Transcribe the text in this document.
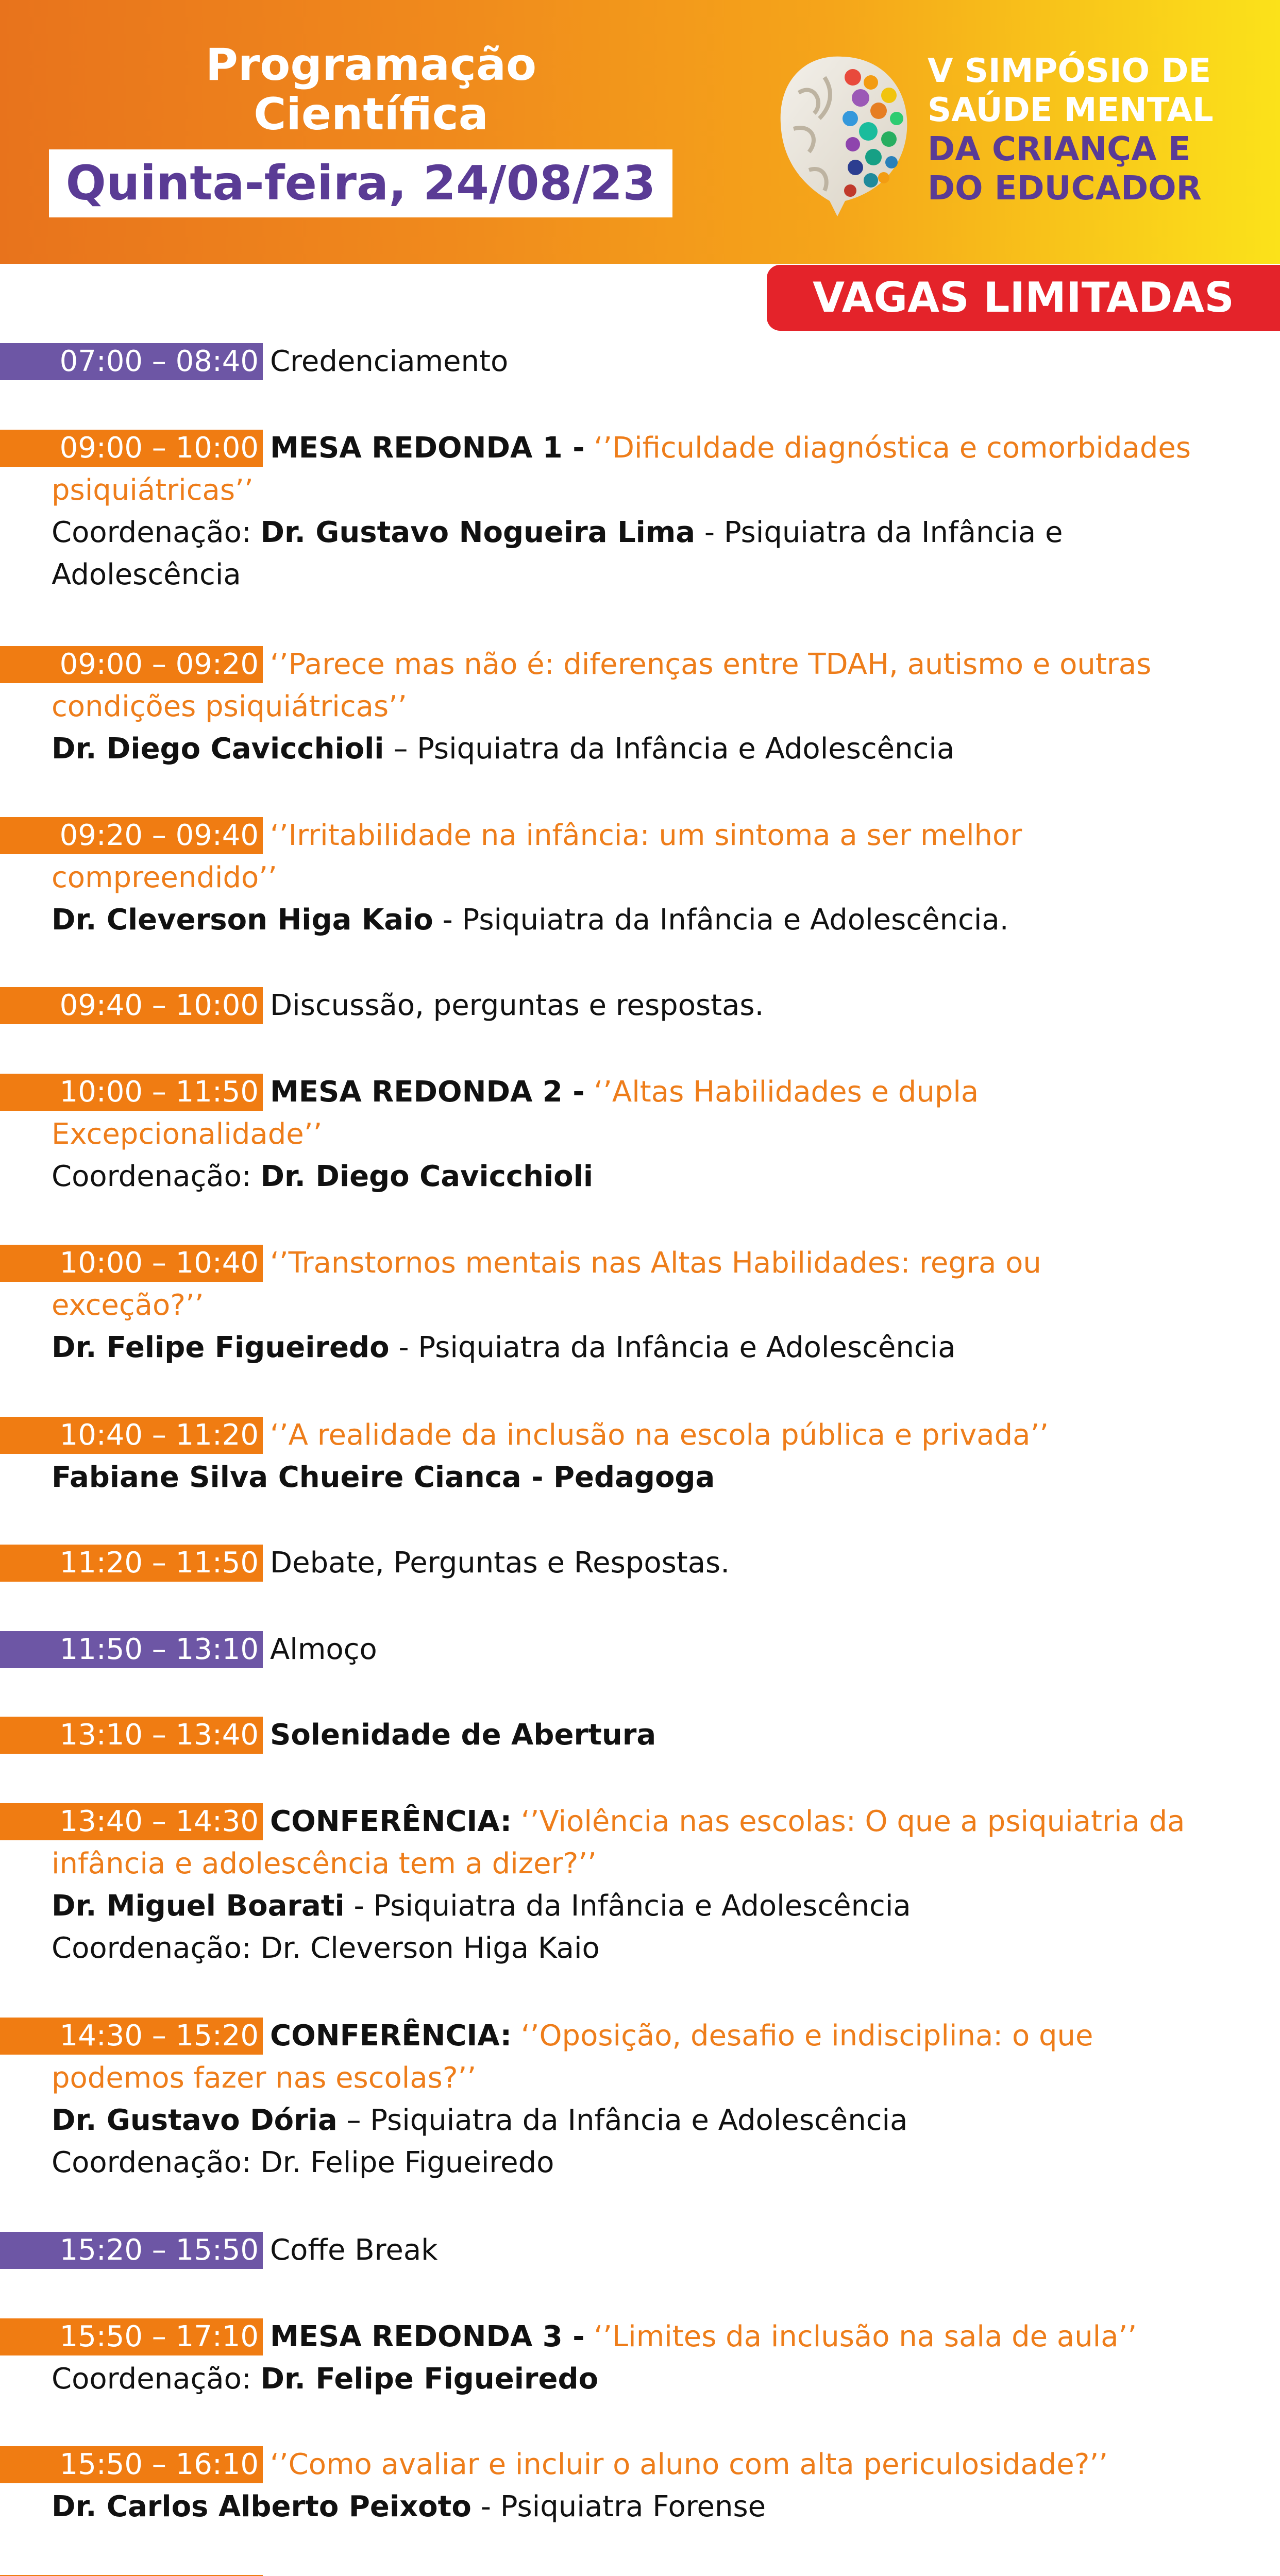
Programação
Científica
Quinta-feira, 24/08/23
V SIMPÓSIO DE
SAÚDE MENTAL
DA CRIANÇA E
DO EDUCADOR
VAGAS LIMITADAS
07:00 – 08:40 Credenciamento
09:00 – 10:00 MESA REDONDA 1 - ‘’Dificuldade diagnóstica e comorbidades
psiquiátricas’’
Coordenação: Dr. Gustavo Nogueira Lima - Psiquiatra da Infância e
Adolescência
09:00 – 09:20 ‘’Parece mas não é: diferenças entre TDAH, autismo e outras
condições psiquiátricas’’
Dr. Diego Cavicchioli – Psiquiatra da Infância e Adolescência
09:20 – 09:40 ‘’Irritabilidade na infância: um sintoma a ser melhor
compreendido’’
Dr. Cleverson Higa Kaio - Psiquiatra da Infância e Adolescência.
09:40 – 10:00 Discussão, perguntas e respostas.
10:00 – 11:50 MESA REDONDA 2 - ‘’Altas Habilidades e dupla
Excepcionalidade’’
Coordenação: Dr. Diego Cavicchioli
10:00 – 10:40 ‘’Transtornos mentais nas Altas Habilidades: regra ou
exceção?’’
Dr. Felipe Figueiredo - Psiquiatra da Infância e Adolescência
10:40 – 11:20 ‘’A realidade da inclusão na escola pública e privada’’
Fabiane Silva Chueire Cianca - Pedagoga
11:20 – 11:50 Debate, Perguntas e Respostas.
11:50 – 13:10 Almoço
13:10 – 13:40 Solenidade de Abertura
13:40 – 14:30 CONFERÊNCIA: ‘’Violência nas escolas: O que a psiquiatria da
infância e adolescência tem a dizer?’’
Dr. Miguel Boarati - Psiquiatra da Infância e Adolescência
Coordenação: Dr. Cleverson Higa Kaio
14:30 – 15:20 CONFERÊNCIA: ‘’Oposição, desafio e indisciplina: o que
podemos fazer nas escolas?’’
Dr. Gustavo Dória – Psiquiatra da Infância e Adolescência
Coordenação: Dr. Felipe Figueiredo
15:20 – 15:50 Coffe Break
15:50 – 17:10 MESA REDONDA 3 - ‘’Limites da inclusão na sala de aula’’
Coordenação: Dr. Felipe Figueiredo
15:50 – 16:10 ‘’Como avaliar e incluir o aluno com alta periculosidade?’’
Dr. Carlos Alberto Peixoto - Psiquiatra Forense
